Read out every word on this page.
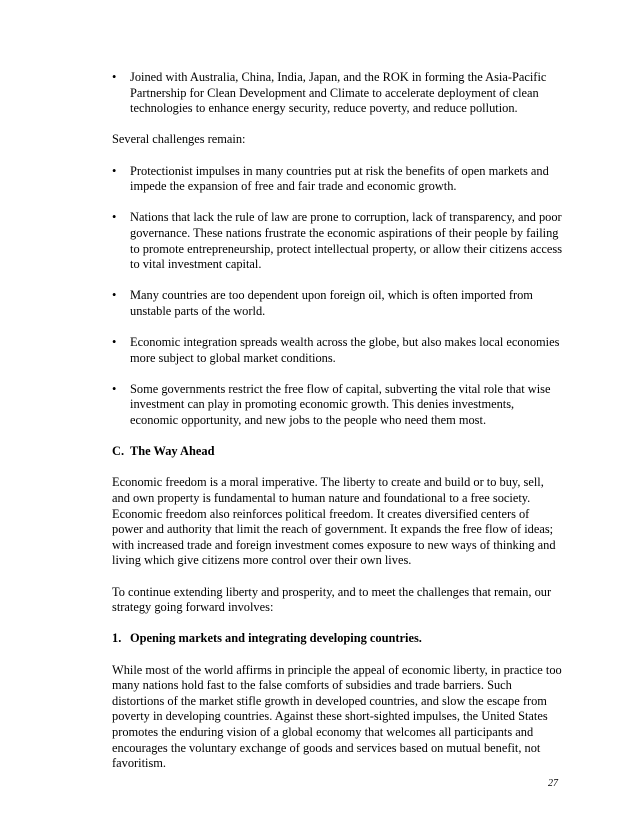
•	Joined with Australia, China, India, Japan, and the ROK in forming the Asia-Pacific Partnership for Clean Development and Climate to accelerate deployment of clean technologies to enhance energy security, reduce poverty, and reduce pollution.

Several challenges remain:

•	Protectionist impulses in many countries put at risk the benefits of open markets and impede the expansion of free and fair trade and economic growth.
•	Nations that lack the rule of law are prone to corruption, lack of transparency, and poor governance. These nations frustrate the economic aspirations of their people by failing to promote entrepreneurship, protect intellectual property, or allow their citizens access to vital investment capital.
•	Many countries are too dependent upon foreign oil, which is often imported from unstable parts of the world.
•	Economic integration spreads wealth across the globe, but also makes local economies more subject to global market conditions.
•	Some governments restrict the free flow of capital, subverting the vital role that wise investment can play in promoting economic growth. This denies investments, economic opportunity, and new jobs to the people who need them most.
C. The Way Ahead

Economic freedom is a moral imperative. The liberty to create and build or to buy, sell, and own property is fundamental to human nature and foundational to a free society. Economic freedom also reinforces political freedom. It creates diversified centers of power and authority that limit the reach of government. It expands the free flow of ideas; with increased trade and foreign investment comes exposure to new ways of thinking and living which give citizens more control over their own lives.

To continue extending liberty and prosperity, and to meet the challenges that remain, our strategy going forward involves:

1. Opening markets and integrating developing countries.

While most of the world affirms in principle the appeal of economic liberty, in practice too many nations hold fast to the false comforts of subsidies and trade barriers. Such distortions of the market stifle growth in developed countries, and slow the escape from poverty in developing countries. Against these short-sighted impulses, the United States promotes the enduring vision of a global economy that welcomes all participants and encourages the voluntary exchange of goods and services based on mutual benefit, not favoritism.

27
